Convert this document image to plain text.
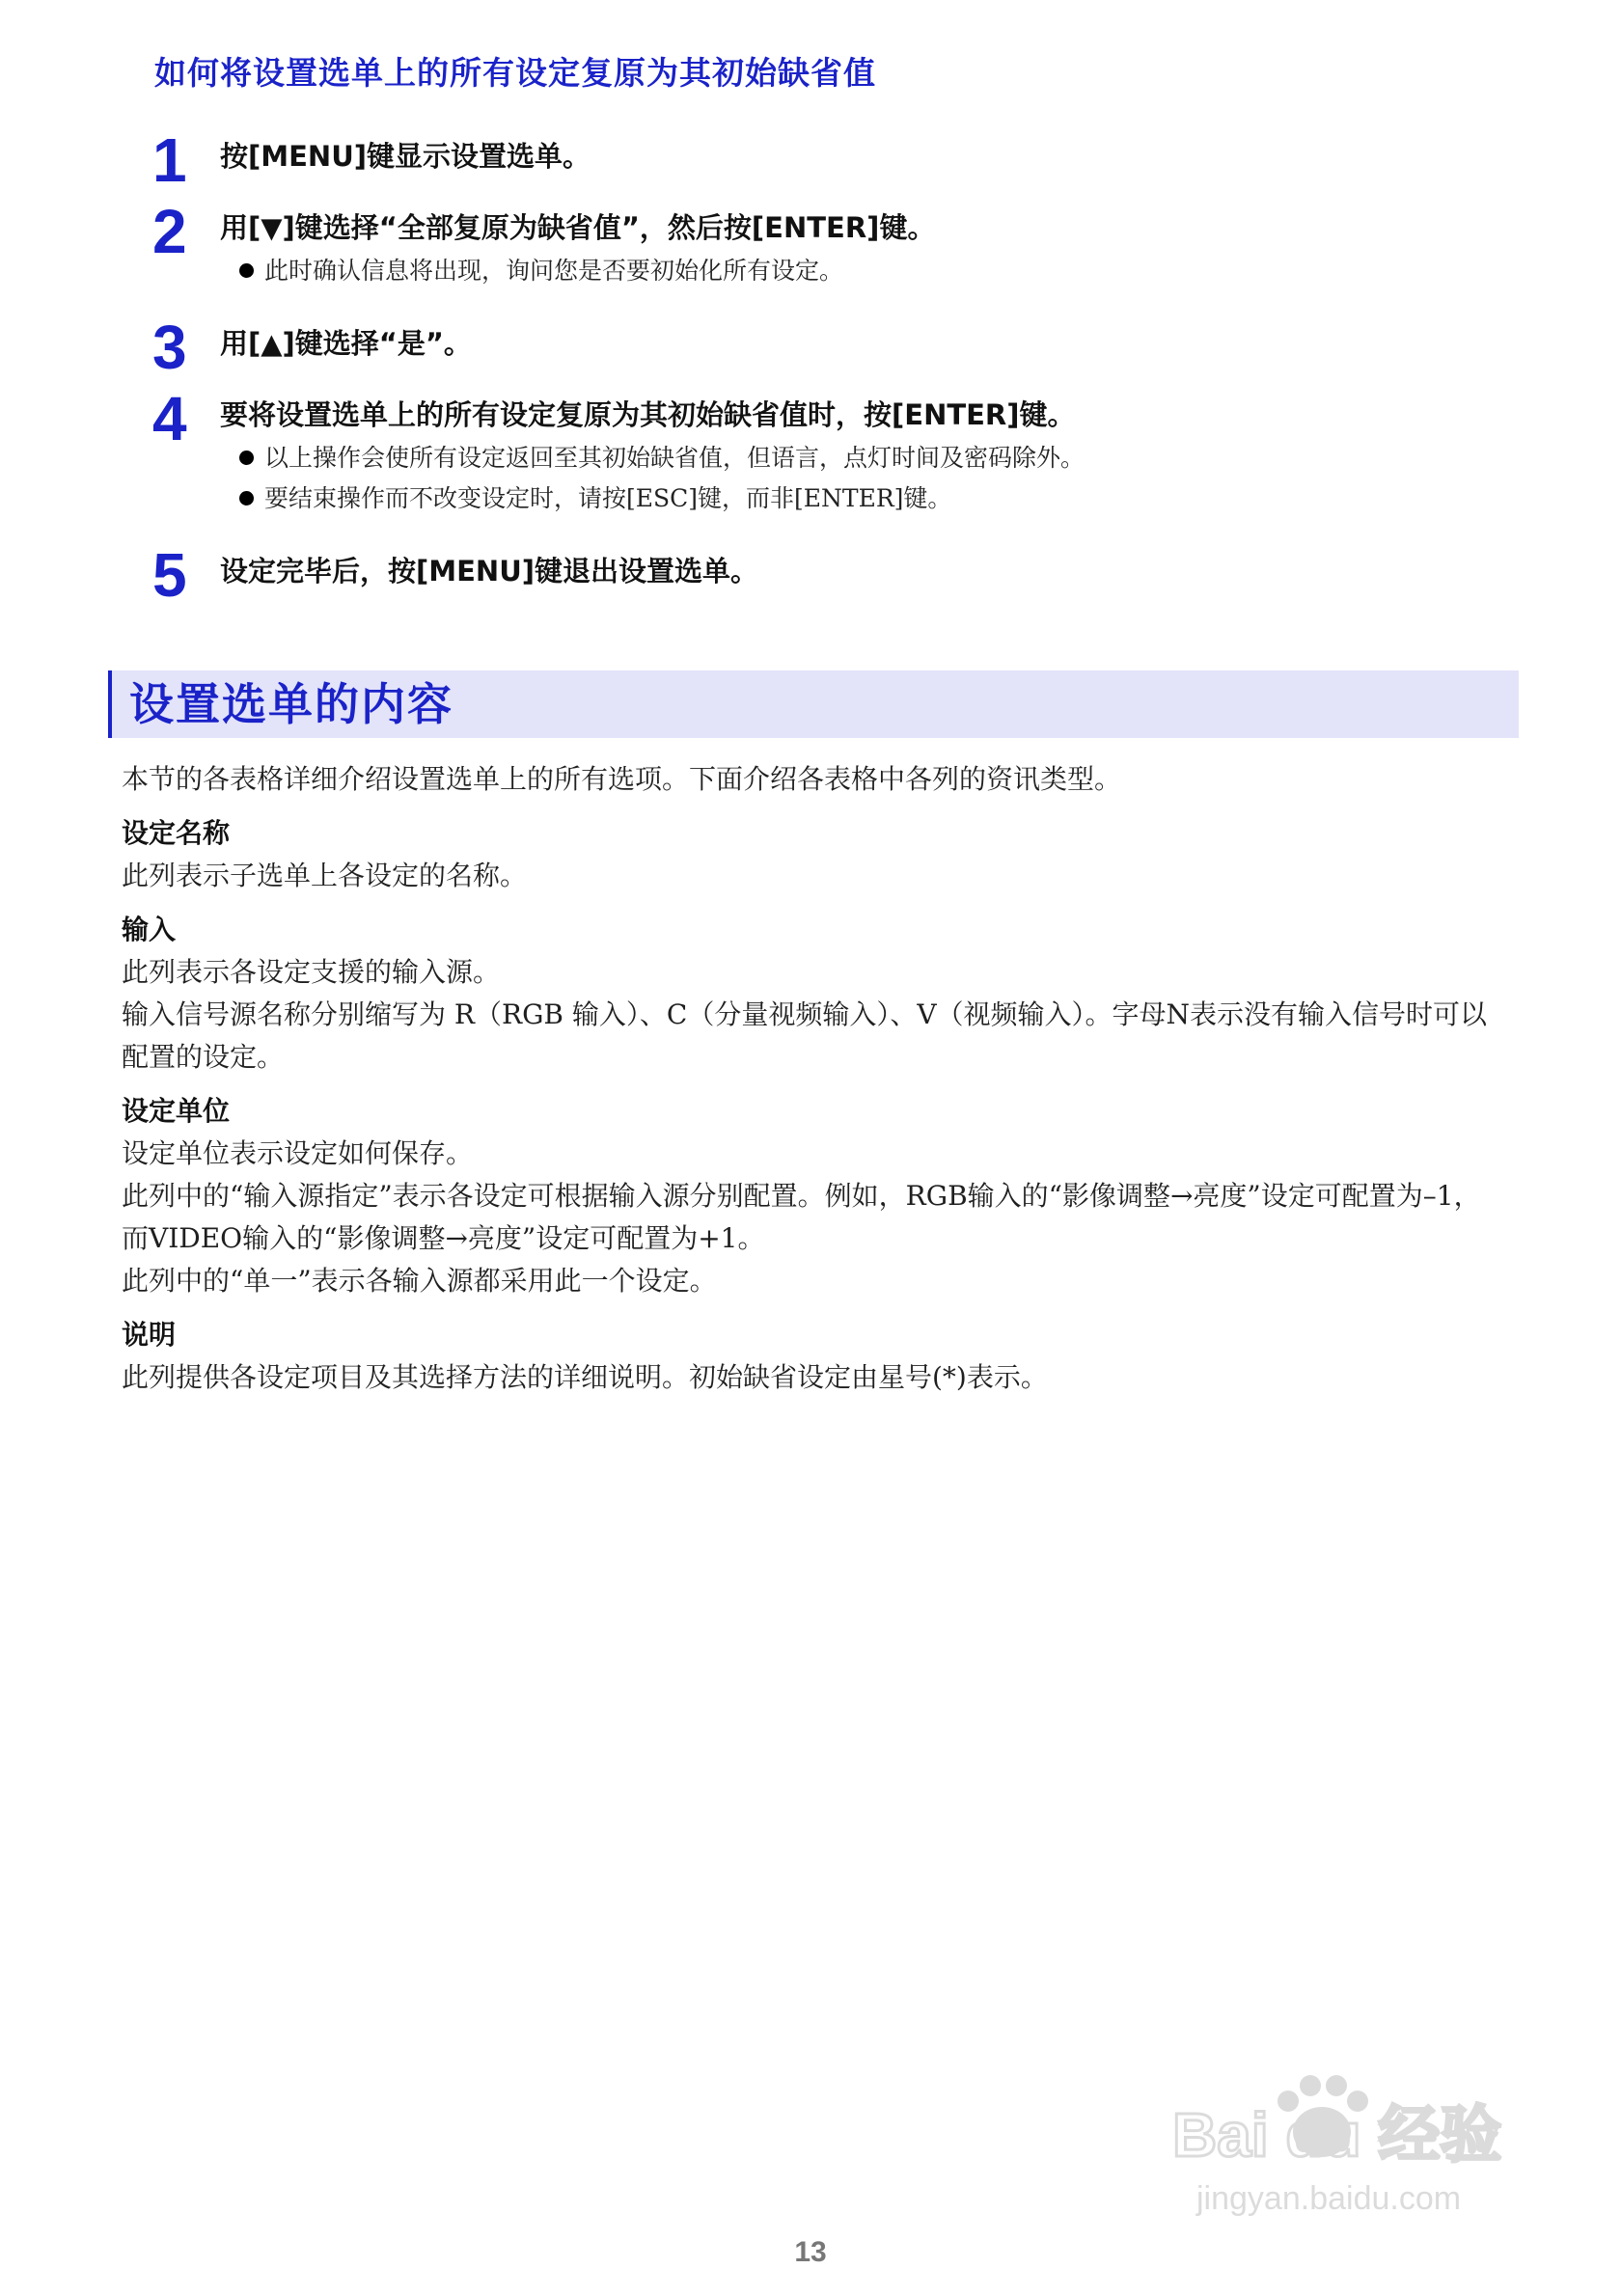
如何将设置选单上的所有设定复原为其初始缺省值
1	按[MENU]键显示设置选单。
2	用[▼]键选择“全部复原为缺省值”，然后按[ENTER]键。
此时确认信息将出现，询问您是否要初始化所有设定。
3	用[▲]键选择“是”。
4	要将设置选单上的所有设定复原为其初始缺省值时，按[ENTER]键。
以上操作会使所有设定返回至其初始缺省值，但语言，点灯时间及密码除外。
要结束操作而不改变设定时，请按[ESC]键，而非[ENTER]键。
5	设定完毕后，按[MENU]键退出设置选单。
设置选单的内容

本节的各表格详细介绍设置选单上的所有选项。下面介绍各表格中各列的资讯类型。

设定名称

此列表示子选单上各设定的名称。

输入

此列表示各设定支援的输入源。

输入信号源名称分别缩写为 R（RGB 输入）、C（分量视频输入）、V（视频输入）。字母N表示没有输入信号时可以配置的设定。

设定单位

设定单位表示设定如何保存。

此列中的“输入源指定”表示各设定可根据输入源分别配置。例如，RGB输入的“影像调整→亮度”设定可配置为–1，而VIDEO输入的“影像调整→亮度”设定可配置为+1。

此列中的“单一”表示各输入源都采用此一个设定。

说明

此列提供各设定项目及其选择方法的详细说明。初始缺省设定由星号(*)表示。

Bai du 经验
jingyan.baidu.com
13
